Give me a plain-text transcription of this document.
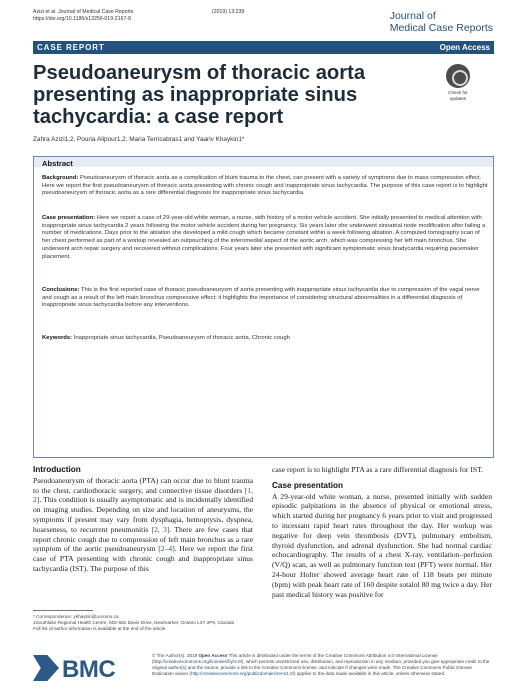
Azizi et al. Journal of Medical Case Reports
https://doi.org/10.1186/s13256-019-2167-8
(2019) 13:239	Journal of
Medical Case Reports
CASE REPORT	Open Access
Pseudoaneurysm of thoracic aorta presenting as inappropriate sinus tachycardia: a case report
Check for
updates
Zahra Azizi1,2, Pouria Alipour1,2, Maria Terricabras1 and Yaariv Khaykin1*
Abstract

Background: Pseudoaneurysm of thoracic aorta as a complication of blunt trauma to the chest, can present with a variety of symptoms due to mass compression effect. Here we report the first pseudoaneurysm of thoracic aorta presenting with chronic cough and inappropriate sinus tachycardia. The purpose of this case report is to highlight pseudoaneurysm of thoracic aorta as a rare differential diagnosis for inappropriate sinus tachycardia.

Case presentation: Here we report a case of 29-year-old white woman, a nurse, with history of a motor vehicle accident. She initially presented to medical attention with inappropriate sinus tachycardia 2 years following the motor vehicle accident during her pregnancy. Six years later she underwent sinoatrial node modification after failing a number of medications. Days prior to the ablation she developed a mild cough which became constant within a week following ablation. A computed tomography scan of her chest performed as part of a workup revealed an outpouching of the inferomedial aspect of the aortic arch, which was compressing her left main bronchus. She underwent arch repair surgery and recovered without complications. Four years later she presented with significant symptomatic sinus bradycardia requiring pacemaker placement.

Conclusions: This is the first reported case of thoracic pseudoaneurysm of aorta presenting with inappropriate sinus tachycardia due to compression of the vagal nerve and cough as a result of the left main bronchus compressive effect; it highlights the importance of considering structural abnormalities in a differential diagnosis of inappropriate sinus tachycardia before any interventions.

Keywords: Inappropriate sinus tachycardia, Pseudoaneurysm of thoracic aorta, Chronic cough

Introduction

Pseudoaneurysm of thoracic aorta (PTA) can occur due to blunt trauma to the chest, cardiothoracic surgery, and connective tissue disorders [1, 2]. This condition is usually asymptomatic and is incidentally identified on imaging studies. Depending on size and location of aneurysms, the symptoms if present may vary from dysphagia, hemoptysis, dyspnea, hoarseness, to recurrent pneumonitis [2, 3]. There are few cases that report chronic cough due to compression of left main bronchus as a rare symptom of the aortic pseudoaneurysm [2–4]. Here we report the first case of PTA presenting with chronic cough and inappropriate sinus tachycardia (IST). The purpose of this

case report is to highlight PTA as a rare differential diagnosis for IST.

Case presentation

A 29-year-old white woman, a nurse, presented initially with sudden episodic palpitations in the absence of physical or emotional stress, which started during her pregnancy 6 years prior to visit and progressed to incessant rapid heart rates throughout the day. Her workup was negative for deep vein thrombosis (DVT), pulmonary embolism, thyroid dysfunction, and adrenal dysfunction. She had normal cardiac echocardiography. The results of a chest X-ray, ventilation–perfusion (V/Q) scan, as well as pulmonary function test (PFT) were normal. Her 24-hour Holter showed average heart rate of 118 beats per minute (bpm) with peak heart rate of 160 despite sotalol 80 mg twice a day. Her past medical history was positive for

* Correspondence: ykhaykin@uoromo.ca
1Southlake Regional Health Centre, 602-581 Davis Drive, Newmarket, Ontario L3Y 2P6, Canada
Full list of author information is available at the end of the article
BMC
© The Author(s). 2019 Open Access This article is distributed under the terms of the Creative Commons Attribution 4.0 International License (http://creativecommons.org/licenses/by/4.0/), which permits unrestricted use, distribution, and reproduction in any medium, provided you give appropriate credit to the original author(s) and the source, provide a link to the Creative Commons license, and indicate if changes were made. The Creative Commons Public Domain Dedication waiver (http://creativecommons.org/publicdomain/zero/1.0/) applies to the data made available in this article, unless otherwise stated.
